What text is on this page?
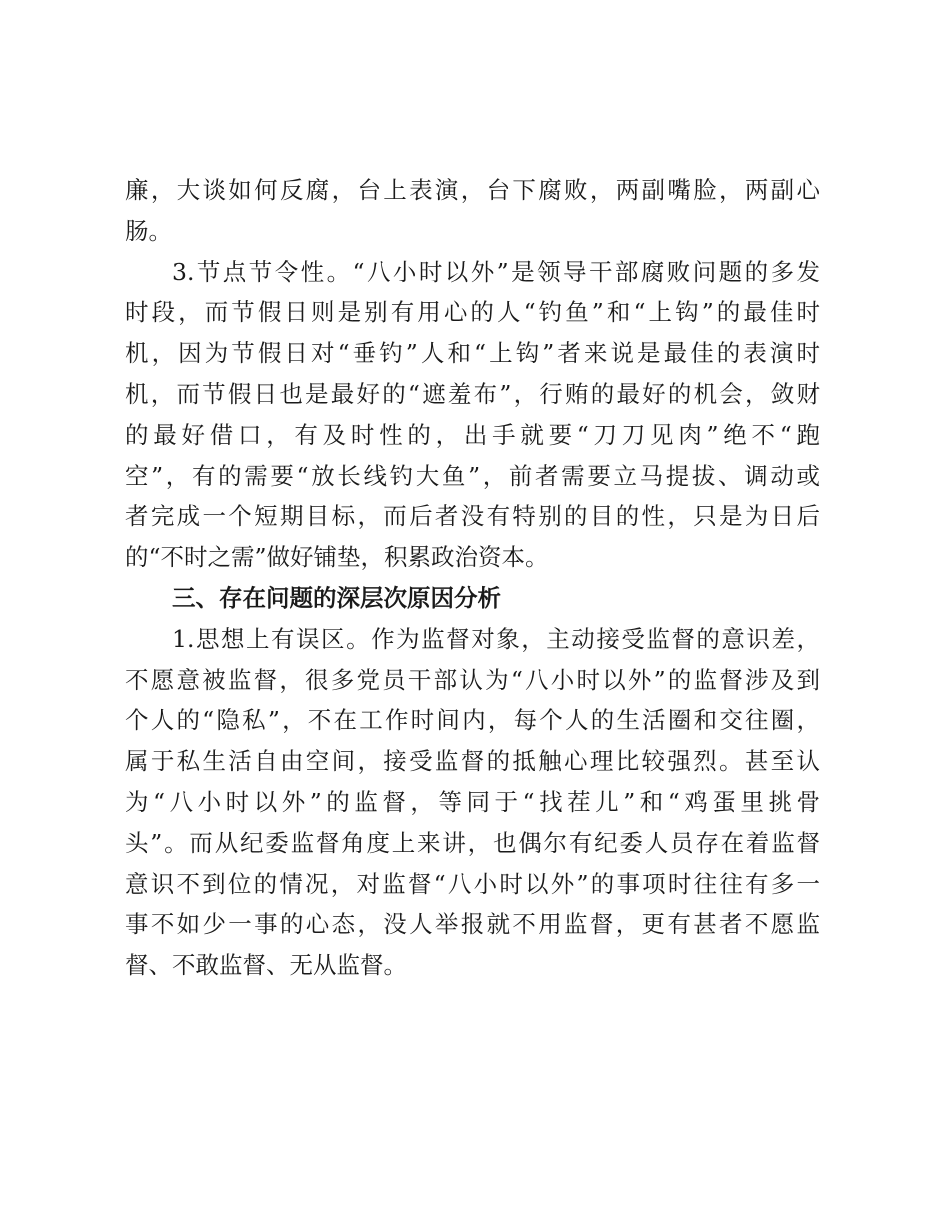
廉，大谈如何反腐，台上表演，台下腐败，两副嘴脸，两副心
肠。
3.节点节令性。“八小时以外”是领导干部腐败问题的多发
时段，而节假日则是别有用心的人“钓鱼”和“上钩”的最佳时
机，因为节假日对“垂钓”人和“上钩”者来说是最佳的表演时
机，而节假日也是最好的“遮羞布”，行贿的最好的机会，敛财
的最好借口，有及时性的，出手就要“刀刀见肉”绝不“跑
空”，有的需要“放长线钓大鱼”，前者需要立马提拔、调动或
者完成一个短期目标，而后者没有特别的目的性，只是为日后
的“不时之需”做好铺垫，积累政治资本。
三、存在问题的深层次原因分析
1.思想上有误区。作为监督对象，主动接受监督的意识差，
不愿意被监督，很多党员干部认为“八小时以外”的监督涉及到
个人的“隐私”，不在工作时间内，每个人的生活圈和交往圈，
属于私生活自由空间，接受监督的抵触心理比较强烈。甚至认
为“八小时以外”的监督，等同于“找茬儿”和“鸡蛋里挑骨
头”。而从纪委监督角度上来讲，也偶尔有纪委人员存在着监督
意识不到位的情况，对监督“八小时以外”的事项时往往有多一
事不如少一事的心态，没人举报就不用监督，更有甚者不愿监
督、不敢监督、无从监督。
